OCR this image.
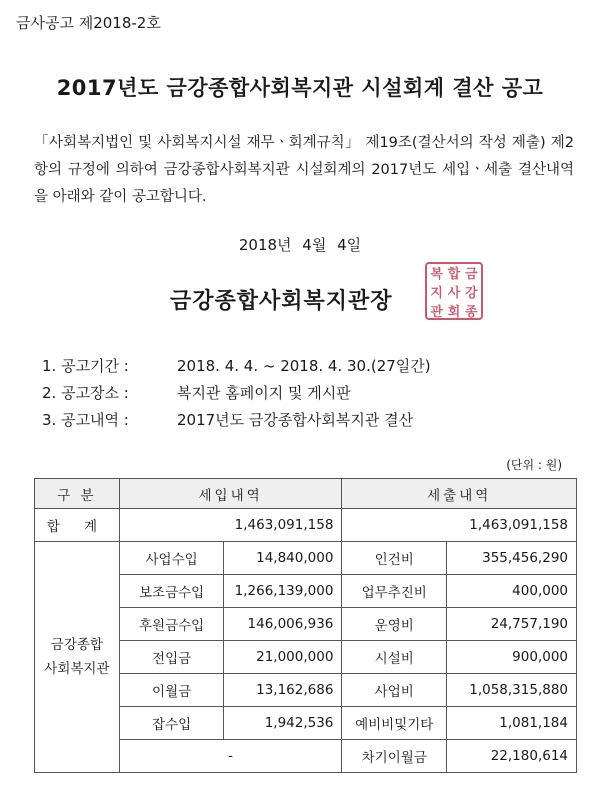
금사공고 제2018-2호
2017년도 금강종합사회복지관 시설회계 결산 공고
「사회복지법인 및 사회복지시설 재무ㆍ회계규칙」 제19조(결산서의 작성 제출) 제2항의 규정에 의하여 금강종합사회복지관 시설회계의 2017년도 세입ㆍ세출 결산내역을 아래와 같이 공고합니다.
2018년 4월 4일
금강종합사회복지관장
복 합 금
지 사 강
관 회 종
1. 공고기간 :	2018. 4. 4. ~ 2018. 4. 30.(27일간)
2. 공고장소 :	복지관 홈페이지 및 게시판
3. 공고내역 :	2017년도 금강종합사회복지관 결산
(단위 : 원)
구 분	세입내역		세출내역	
합 계	1,463,091,158		1,463,091,158	
금강종합
사회복지관	사업수입	14,840,000	인건비	355,456,290
	보조금수입	1,266,139,000	업무추진비	400,000
	후원금수입	146,006,936	운영비	24,757,190
	전입금	21,000,000	시설비	900,000
	이월금	13,162,686	사업비	1,058,315,880
	잡수입	1,942,536	예비비및기타	1,081,184
	-		차기이월금	22,180,614
